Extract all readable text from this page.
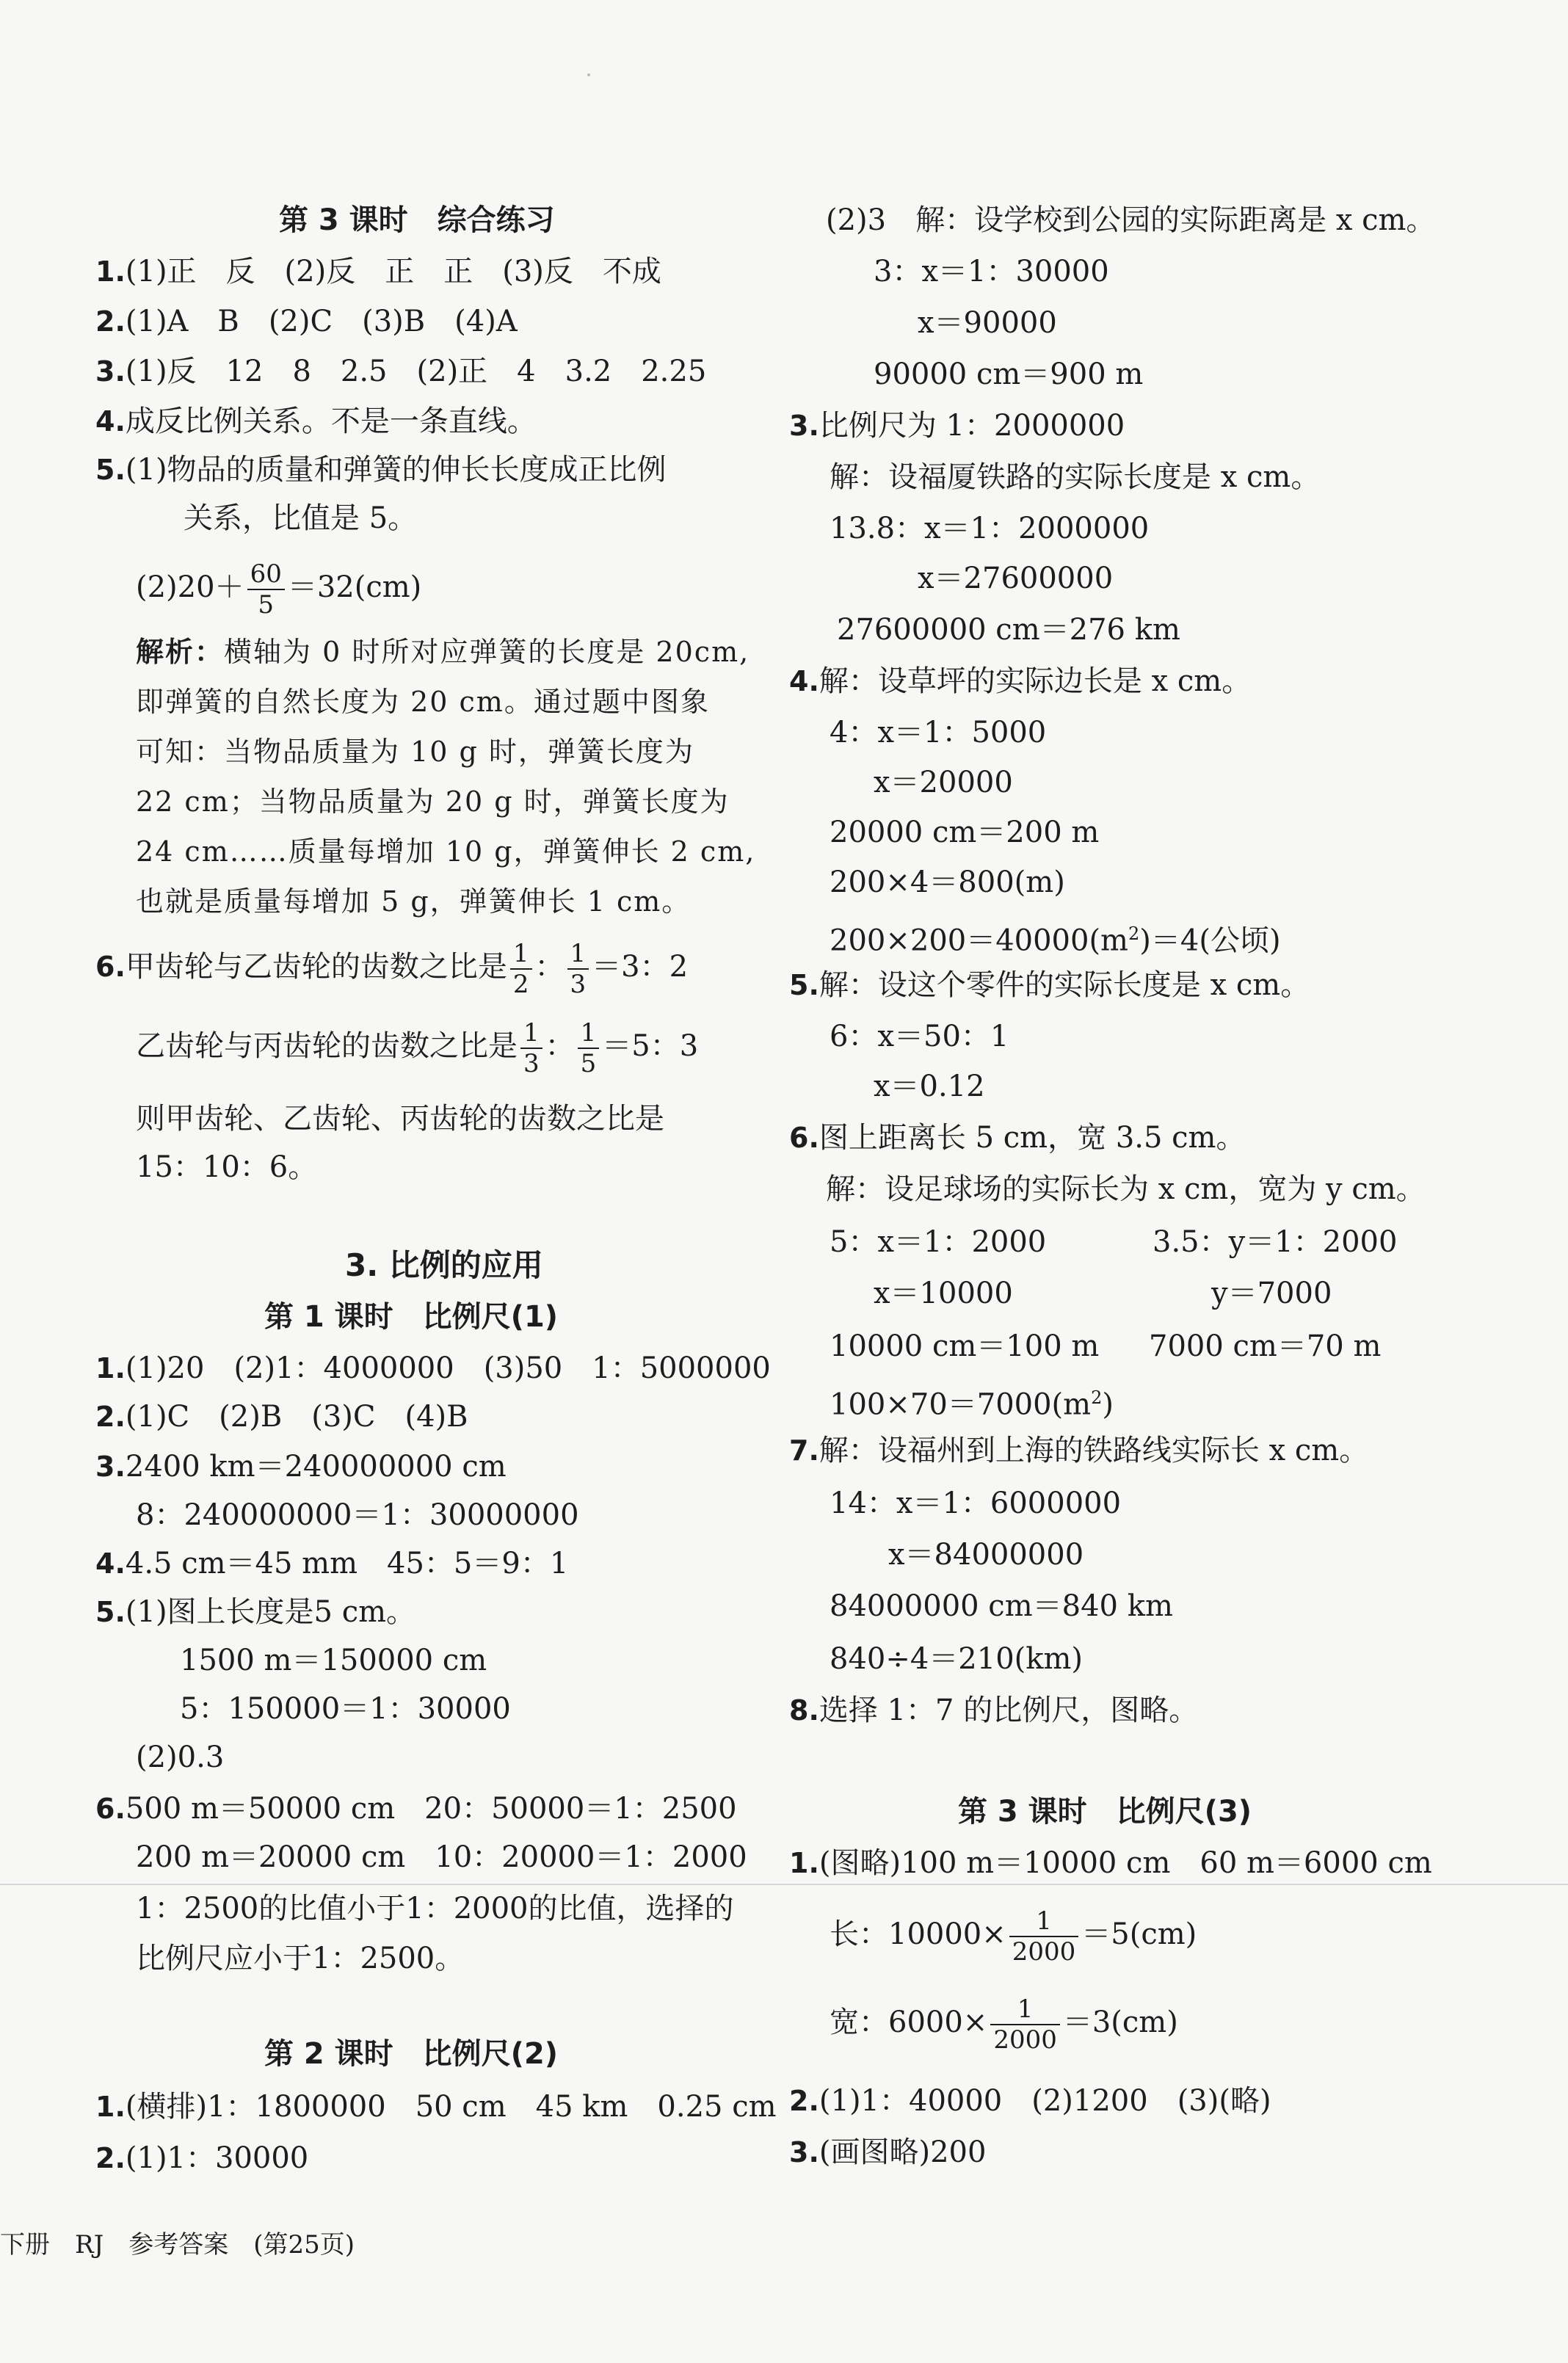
第 3 课时　综合练习
1.(1)正　反　(2)反　正　正　(3)反　不成
2.(1)A　B　(2)C　(3)B　(4)A
3.(1)反　12　8　2.5　(2)正　4　3.2　2.25
4.成反比例关系。不是一条直线。
5.(1)物品的质量和弹簧的伸长长度成正比例
关系，比值是 5。
$(2)20+ \frac{60}{5} =32(cm)$
解析：横轴为 0 时所对应弹簧的长度是 20cm,
即弹簧的自然长度为 20 cm。通过题中图象
可知：当物品质量为 10 g 时，弹簧长度为
22 cm；当物品质量为 20 g 时，弹簧长度为
24 cm……质量每增加 10 g，弹簧伸长 2 cm,
也就是质量每增加 5 g，弹簧伸长 1 cm。
6.甲齿轮与乙齿轮的齿数之比是 $\frac{1}{2}$ ： $\frac{1}{3} =3$：2
乙齿轮与丙齿轮的齿数之比是 $\frac{1}{3}$ ： $\frac{1}{5} =5$：3
则甲齿轮、乙齿轮、丙齿轮的齿数之比是
15：10：6。
3. 比例的应用
第 1 课时　比例尺(1)
1.(1)20　(2)1：4000000　(3)50　1：5000000
2.(1)C　(2)B　(3)C　(4)B
3.2400 km＝240000000 cm
8：240000000＝1：30000000
4.4.5 cm＝45 mm　45：5＝9：1
5.(1)图上长度是5 cm。
1500 m＝150000 cm
5：150000＝1：30000
(2)0.3
6.500 m＝50000 cm　20：50000＝1：2500
200 m＝20000 cm　10：20000＝1：2000
1：2500的比值小于1：2000的比值，选择的
比例尺应小于1：2500。
第 2 课时　比例尺(2)
1.(横排)1：1800000　50 cm　45 km　0.25 cm
2.(1)1：30000
(2)3　解：设学校到公园的实际距离是 x cm。
3：x＝1：30000
x＝90000
90000 cm＝900 m
3.比例尺为 1：2000000
解：设福厦铁路的实际长度是 x cm。
13.8：x＝1：2000000
x＝27600000
27600000 cm＝276 km
4.解：设草坪的实际边长是 x cm。
4：x＝1：5000
x＝20000
20000 cm＝200 m
200×4＝800(m)
$200\times 200=40000(m^2)=4$(公顷)
5.解：设这个零件的实际长度是 x cm。
6：x＝50：1
x＝0.12
6.图上距离长 5 cm，宽 3.5 cm。
解：设足球场的实际长为 x cm，宽为 y cm。
5：x＝1：2000	3.5：y＝1：2000
x＝10000	y＝7000
10000 cm＝100 m 7000 cm＝70 m
$100\times 70=7000(m^2)$
7.解：设福州到上海的铁路线实际长 x cm。
14：x＝1：6000000
x＝84000000
84000000 cm＝840 km
840÷4＝210(km)
8.选择 1：7 的比例尺，图略。
第 3 课时　比例尺(3)
1.(图略)100 m＝10000 cm　60 m＝6000 cm
长：$10000\times \frac{1}{2000} =5(cm)$
宽：$6000\times \frac{1}{2000} =3(cm)$
2.(1)1：40000　(2)1200　(3)(略)
3.(画图略)200
下册　RJ　参考答案　(第25页)
